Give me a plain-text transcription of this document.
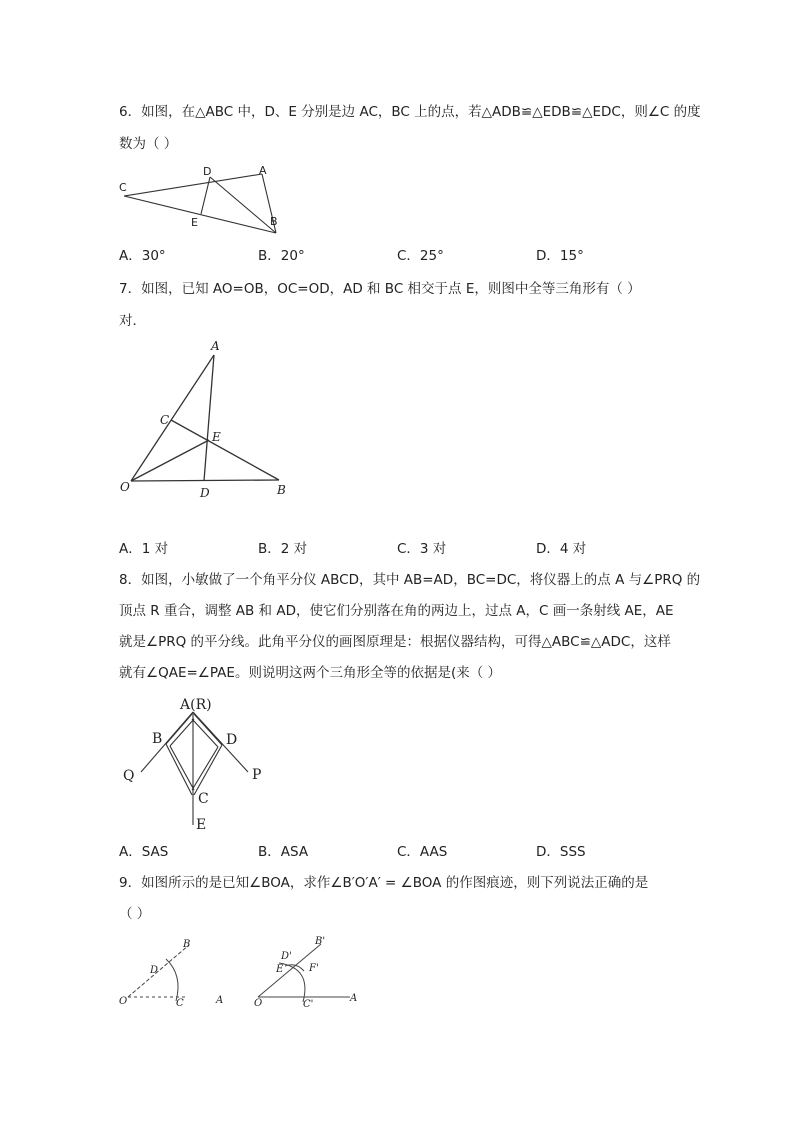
6．如图，在△ABC 中，D、E 分别是边 AC，BC 上的点，若△ADB≌△EDB≌△EDC，则∠C 的度
数为（ ）
C
D	A
E	B
A．30°	B．20°	C．25°	D．15°
7．如图，已知 AO=OB，OC=OD，AD 和 BC 相交于点 E，则图中全等三角形有（ ）
对．
A
C
E
O	D	B
A．1 对	B．2 对	C．3 对	D．4 对
8．如图，小敏做了一个角平分仪 ABCD，其中 AB=AD，BC=DC，将仪器上的点 A 与∠PRQ 的
顶点 R 重合，调整 AB 和 AD，使它们分别落在角的两边上，过点 A，C 画一条射线 AE，AE
就是∠PRQ 的平分线。此角平分仪的画图原理是：根据仪器结构，可得△ABC≌△ADC，这样
就有∠QAE=∠PAE。则说明这两个三角形全等的依据是(来（ ）
A(R)
B	D
Q	P
C
E
A．SAS	B．ASA	C．AAS	D．SSS
9．如图所示的是已知∠BOA，求作∠B′O′A′ = ∠BOA 的作图痕迹，则下列说法正确的是
（ ）
B
D
O	C	A
B'
D'
E	F'
O	C'
A
